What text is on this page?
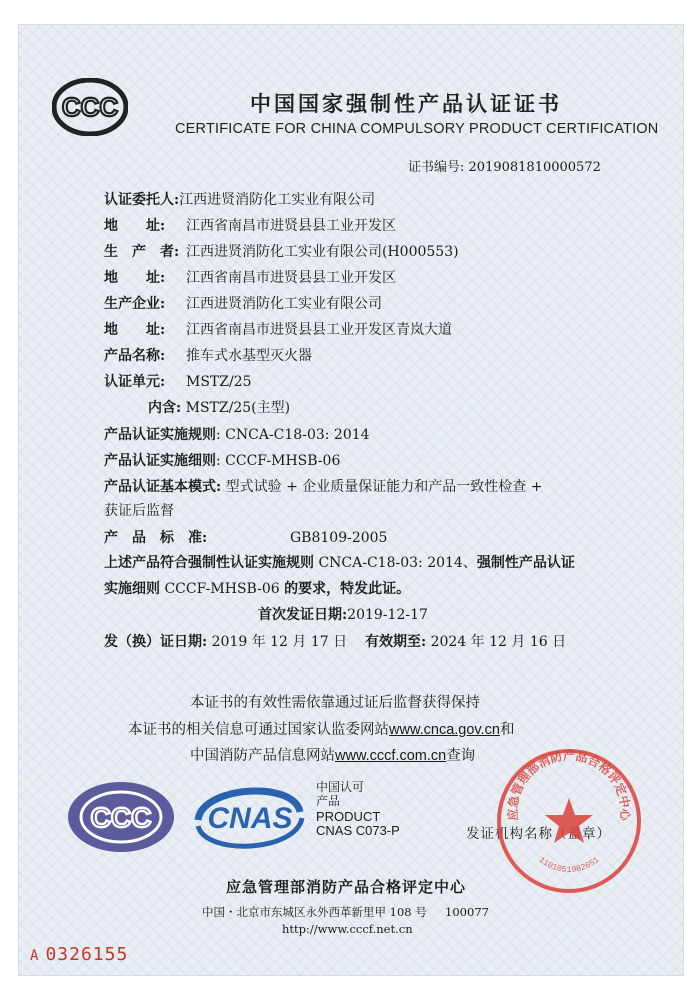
CCC	中国国家强制性产品认证证书
CERTIFICATE FOR CHINA COMPULSORY PRODUCT CERTIFICATION
证书编号: 2019081810000572
认证委托人:江西进贤消防化工实业有限公司
地　　址: 江西省南昌市进贤县县工业开发区
生　产　者: 江西进贤消防化工实业有限公司(H000553)
地　　址: 江西省南昌市进贤县县工业开发区
生产企业: 江西进贤消防化工实业有限公司
地　　址: 江西省南昌市进贤县县工业开发区青岚大道
产品名称: 推车式水基型灭火器
认证单元: MSTZ/25
内含: MSTZ/25(主型)
产品认证实施规则: CNCA-C18-03: 2014
产品认证实施细则: CCCF-MHSB-06
产品认证基本模式: 型式试验 + 企业质量保证能力和产品一致性检查 +
获证后监督
产　品　标　准:	GB8109-2005
上述产品符合强制性认证实施规则 CNCA-C18-03: 2014、强制性产品认证
实施细则 CCCF-MHSB-06 的要求，特发此证。
首次发证日期:2019-12-17
发（换）证日期: 2019 年 12 月 17 日 有效期至: 2024 年 12 月 16 日
本证书的有效性需依靠通过证后监督获得保持
本证书的相关信息可通过国家认监委网站www.cnca.gov.cn和
中国消防产品信息网站www.cccf.com.cn查询
CCC CNAS
中国认可
产品
PRODUCT
CNAS C073-P	发证机构名称（盖章）
应急管理部消防产品合格评定中心
1101051982651
应急管理部消防产品合格评定中心
中国・北京市东城区永外西革新里甲 108 号 100077
http://www.cccf.net.cn
A 0326155
